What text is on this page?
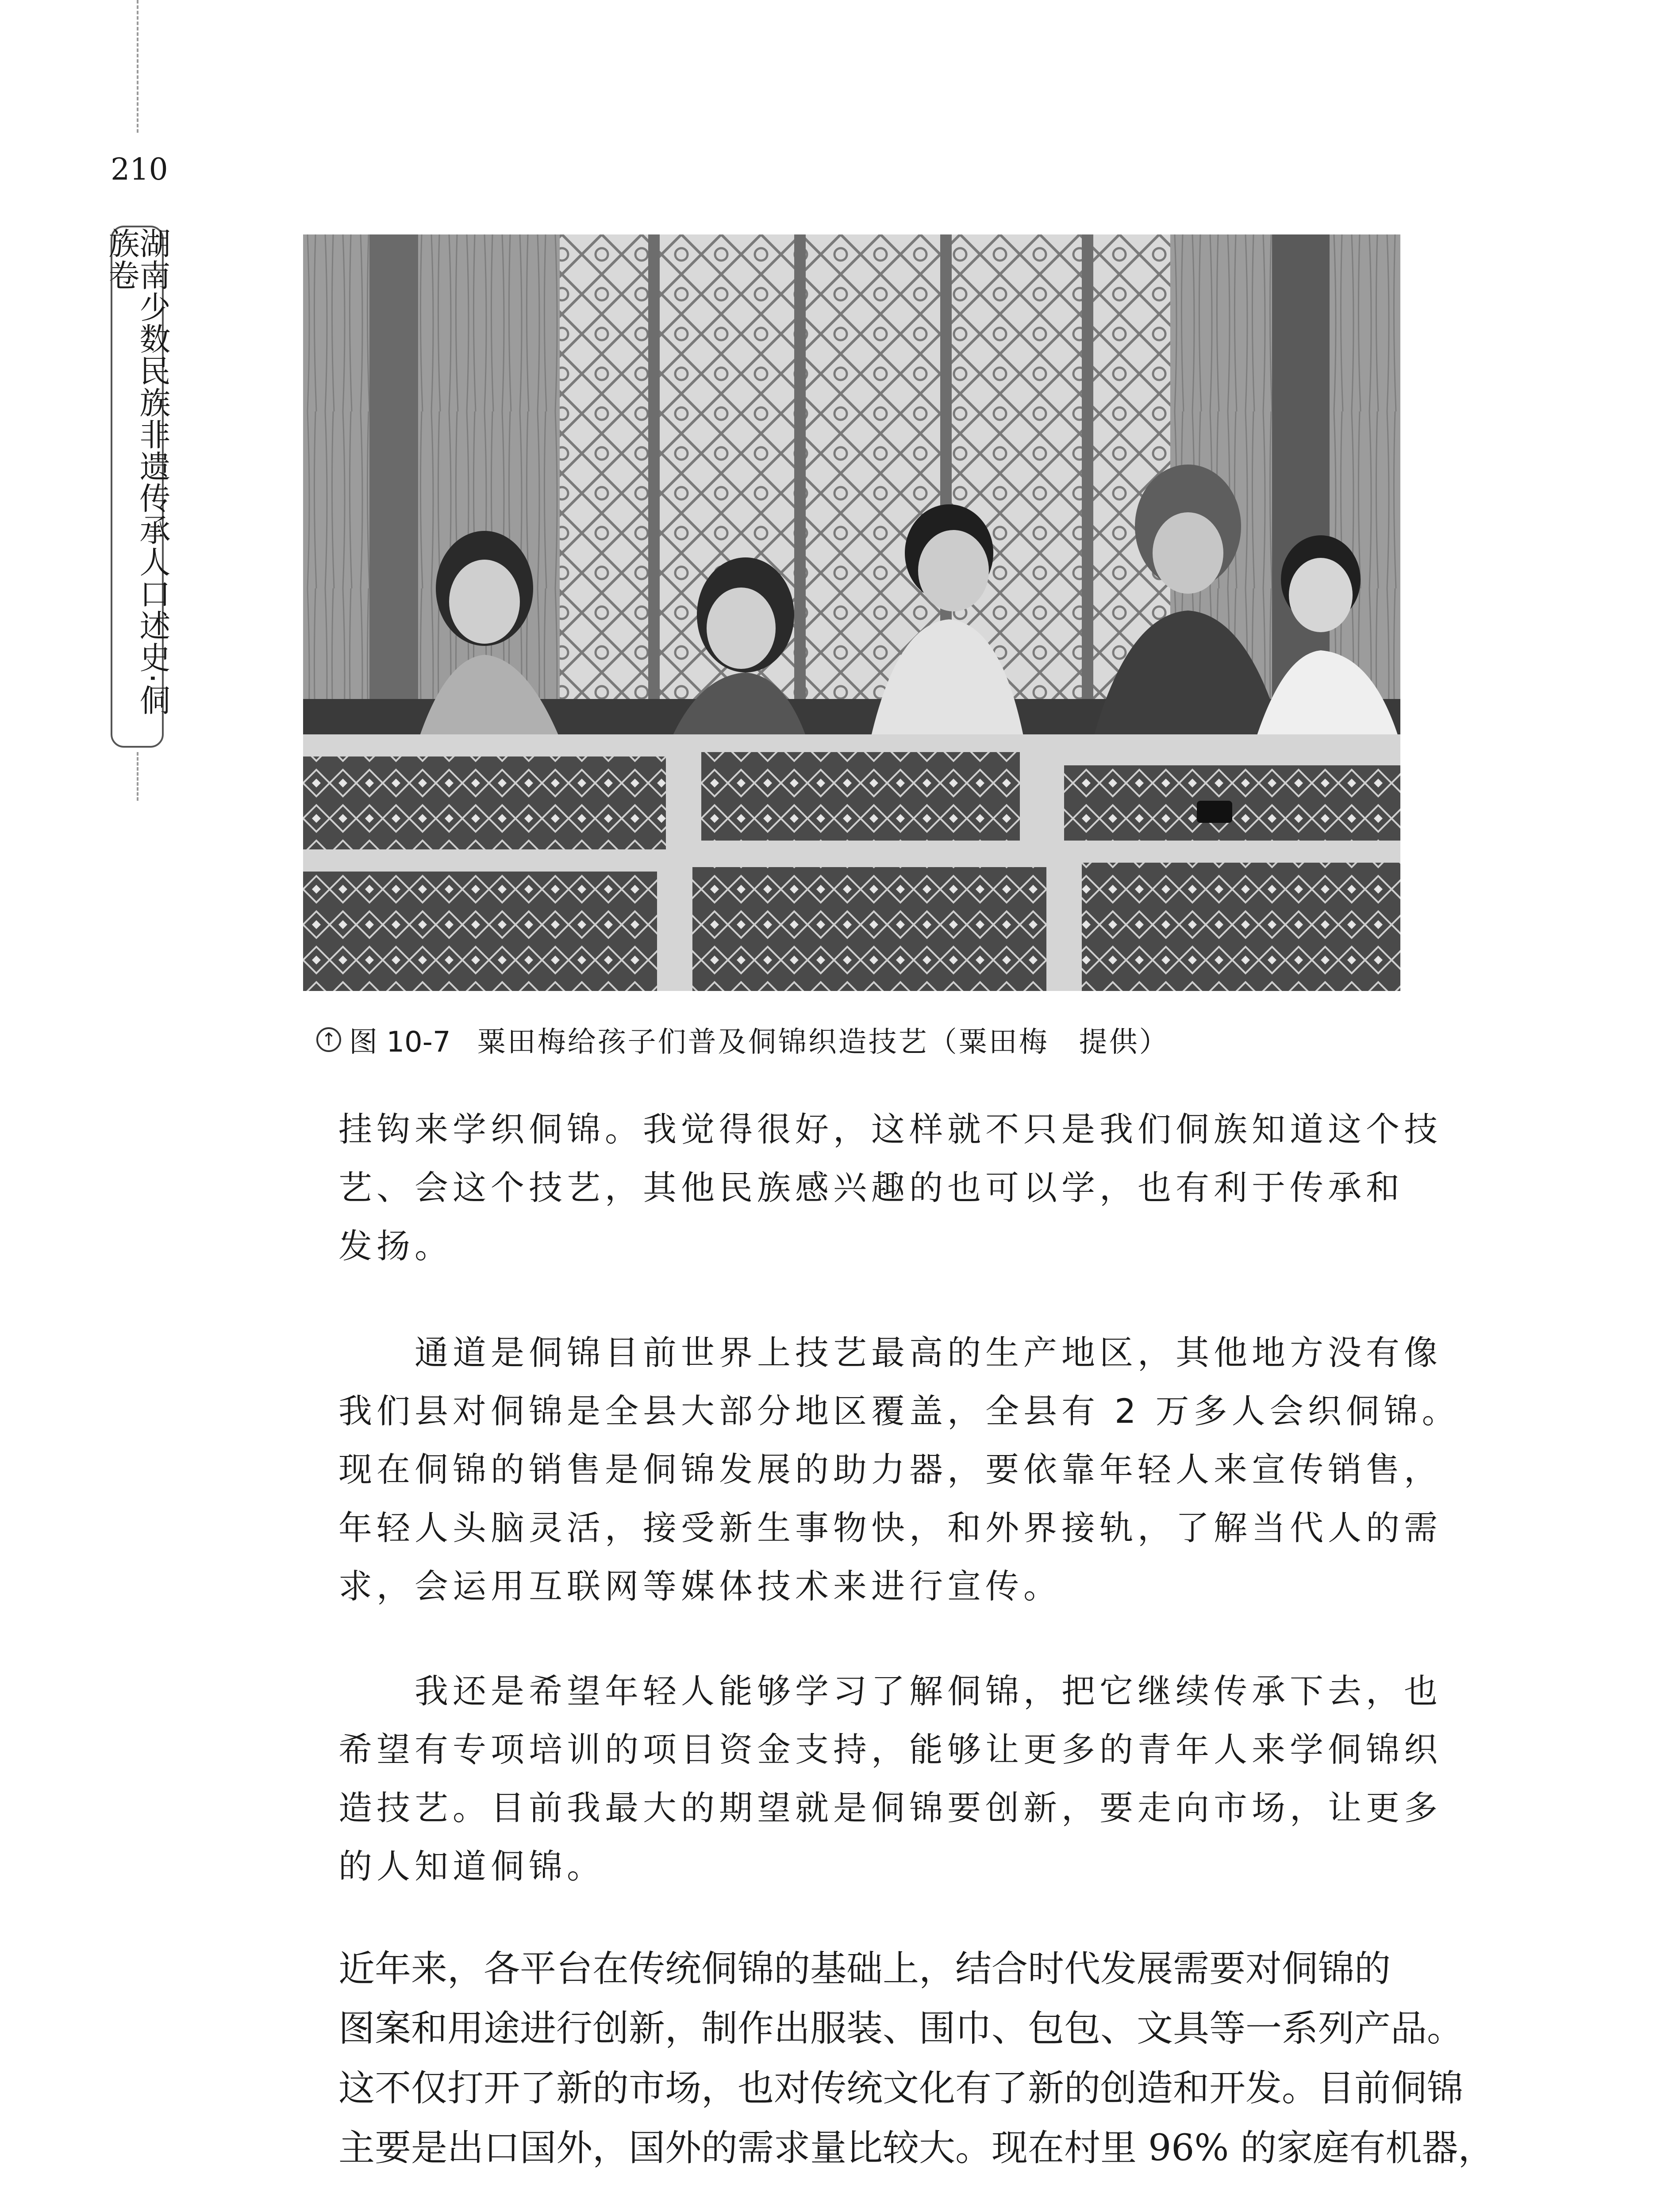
210
湖南少数民族非遗传承人口述史·侗族卷
↑ 图 10-7 粟田梅给孩子们普及侗锦织造技艺（粟田梅　提供）
挂钩来学织侗锦。我觉得很好，这样就不只是我们侗族知道这个技
艺、会这个技艺，其他民族感兴趣的也可以学，也有利于传承和
发扬。
　　通道是侗锦目前世界上技艺最高的生产地区，其他地方没有像
我们县对侗锦是全县大部分地区覆盖，全县有 2 万多人会织侗锦。
现在侗锦的销售是侗锦发展的助力器，要依靠年轻人来宣传销售，
年轻人头脑灵活，接受新生事物快，和外界接轨，了解当代人的需
求，会运用互联网等媒体技术来进行宣传。
　　我还是希望年轻人能够学习了解侗锦，把它继续传承下去，也
希望有专项培训的项目资金支持，能够让更多的青年人来学侗锦织
造技艺。目前我最大的期望就是侗锦要创新，要走向市场，让更多
的人知道侗锦。
近年来，各平台在传统侗锦的基础上，结合时代发展需要对侗锦的
图案和用途进行创新，制作出服装、围巾、包包、文具等一系列产品。
这不仅打开了新的市场，也对传统文化有了新的创造和开发。目前侗锦
主要是出口国外，国外的需求量比较大。现在村里 96% 的家庭有机器，
